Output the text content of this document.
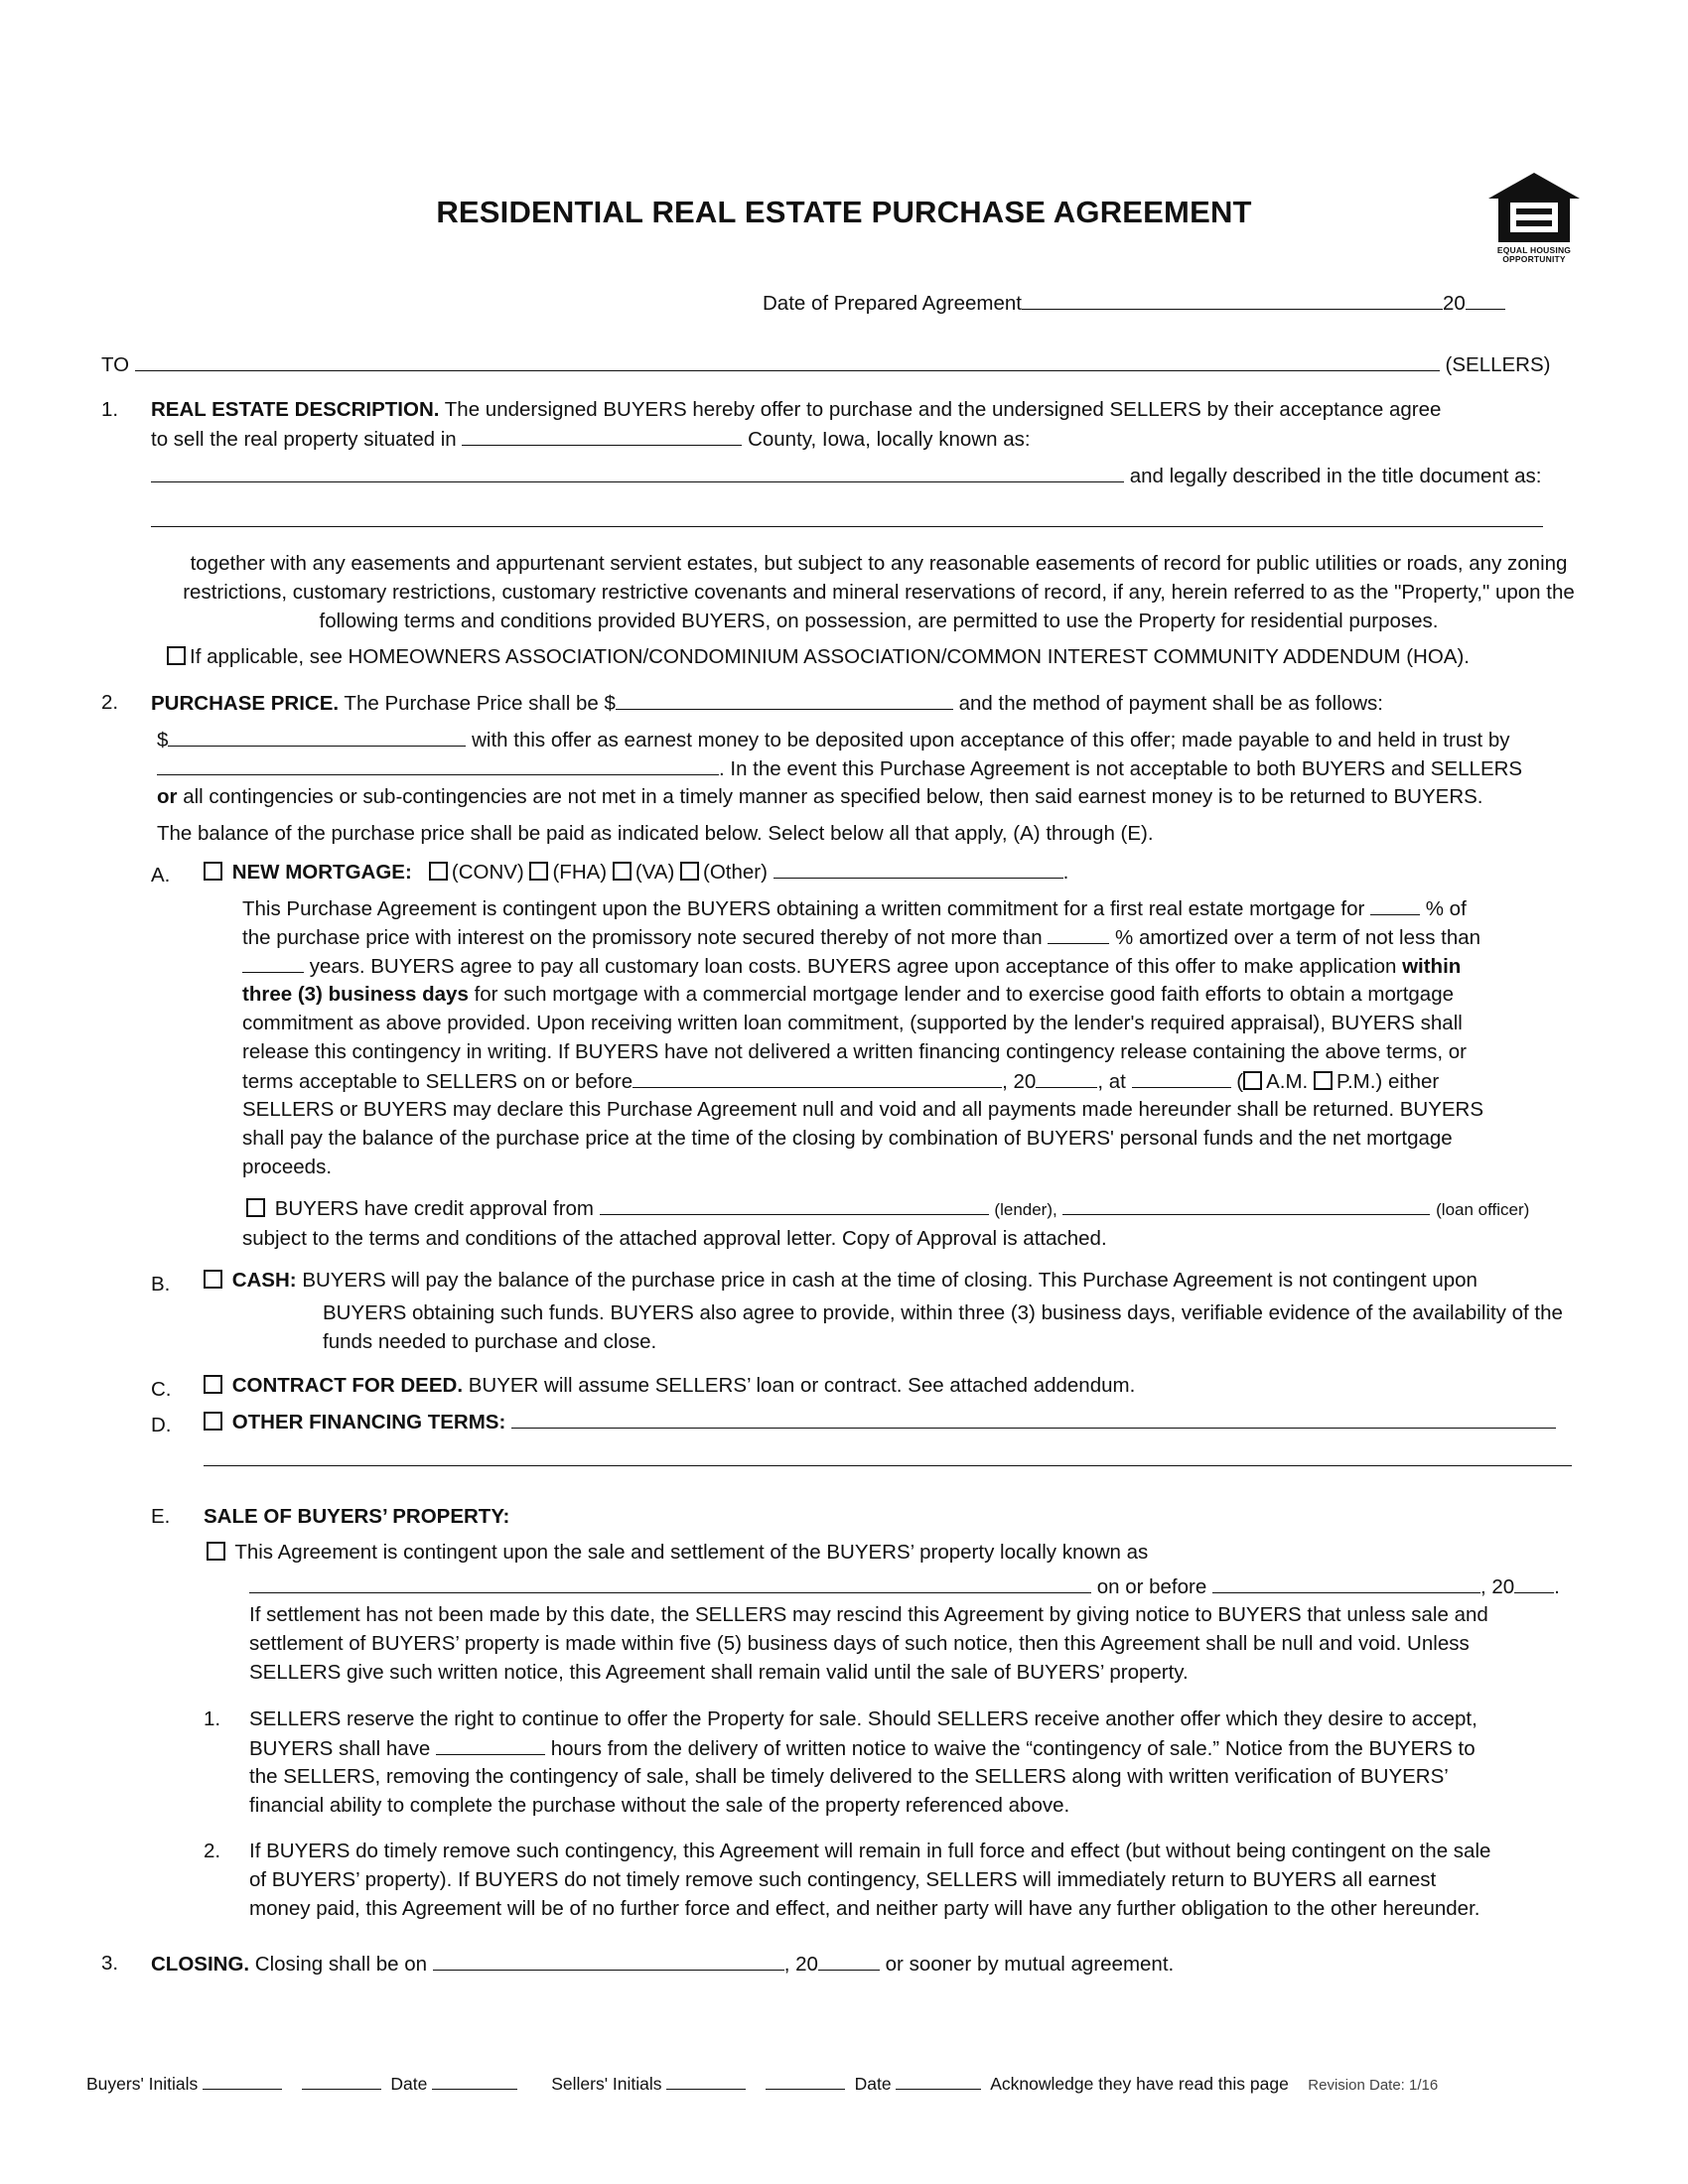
RESIDENTIAL REAL ESTATE PURCHASE AGREEMENT
EQUAL HOUSING
OPPORTUNITY
Date of Prepared Agreement	20
TO	(SELLERS)
1. REAL ESTATE DESCRIPTION. The undersigned BUYERS hereby offer to purchase and the undersigned SELLERS by their acceptance agree
to sell the real property situated in	County, Iowa, locally known as:
and legally described in the title document as:
together with any easements and appurtenant servient estates, but subject to any reasonable easements of record for public utilities or roads, any zoning restrictions, customary restrictions, customary restrictive covenants and mineral reservations of record, if any, herein referred to as the "Property," upon the following terms and conditions provided BUYERS, on possession, are permitted to use the Property for residential purposes.
If applicable, see HOMEOWNERS ASSOCIATION/CONDOMINIUM ASSOCIATION/COMMON INTEREST COMMUNITY ADDENDUM (HOA).
2. PURCHASE PRICE. The Purchase Price shall be $	and the method of payment shall be as follows:
$	with this offer as earnest money to be deposited upon acceptance of this offer; made payable to and held in trust by
. In the event this Purchase Agreement is not acceptable to both BUYERS and SELLERS
or all contingencies or sub-contingencies are not met in a timely manner as specified below, then said earnest money is to be returned to BUYERS.
The balance of the purchase price shall be paid as indicated below. Select below all that apply, (A) through (E).
A.	NEW MORTGAGE: (CONV) (FHA) (VA) (Other)	.
This Purchase Agreement is contingent upon the BUYERS obtaining a written commitment for a first real estate mortgage for	% of
the purchase price with interest on the promissory note secured thereby of not more than	% amortized over a term of not less than
years. BUYERS agree to pay all customary loan costs. BUYERS agree upon acceptance of this offer to make application within
three (3) business days for such mortgage with a commercial mortgage lender and to exercise good faith efforts to obtain a mortgage
commitment as above provided. Upon receiving written loan commitment, (supported by the lender's required appraisal), BUYERS shall
release this contingency in writing. If BUYERS have not delivered a written financing contingency release containing the above terms, or
terms acceptable to SELLERS on or before	, 20	, at	( A.M. P.M.) either
SELLERS or BUYERS may declare this Purchase Agreement null and void and all payments made hereunder shall be returned. BUYERS
shall pay the balance of the purchase price at the time of the closing by combination of BUYERS' personal funds and the net mortgage
proceeds.
BUYERS have credit approval from	(lender),	(loan officer)
subject to the terms and conditions of the attached approval letter. Copy of Approval is attached.
B.	CASH: BUYERS will pay the balance of the purchase price in cash at the time of closing. This Purchase Agreement is not contingent upon
BUYERS obtaining such funds. BUYERS also agree to provide, within three (3) business days, verifiable evidence of the availability of the
funds needed to purchase and close.
C.	CONTRACT FOR DEED. BUYER will assume SELLERS’ loan or contract. See attached addendum.
D.	OTHER FINANCING TERMS:
E. SALE OF BUYERS’ PROPERTY:
This Agreement is contingent upon the sale and settlement of the BUYERS’ property locally known as
on or before	, 20 .
If settlement has not been made by this date, the SELLERS may rescind this Agreement by giving notice to BUYERS that unless sale and
settlement of BUYERS’ property is made within five (5) business days of such notice, then this Agreement shall be null and void. Unless
SELLERS give such written notice, this Agreement shall remain valid until the sale of BUYERS’ property.
1. SELLERS reserve the right to continue to offer the Property for sale. Should SELLERS receive another offer which they desire to accept,
BUYERS shall have	hours from the delivery of written notice to waive the “contingency of sale.” Notice from the BUYERS to
the SELLERS, removing the contingency of sale, shall be timely delivered to the SELLERS along with written verification of BUYERS’
financial ability to complete the purchase without the sale of the property referenced above.
2. If BUYERS do timely remove such contingency, this Agreement will remain in full force and effect (but without being contingent on the sale
of BUYERS’ property). If BUYERS do not timely remove such contingency, SELLERS will immediately return to BUYERS all earnest
money paid, this Agreement will be of no further force and effect, and neither party will have any further obligation to the other hereunder.
3. CLOSING. Closing shall be on	, 20	or sooner by mutual agreement.
Buyers' Initials	Date	Sellers' Initials	Date	Acknowledge they have read this page Revision Date: 1/16
